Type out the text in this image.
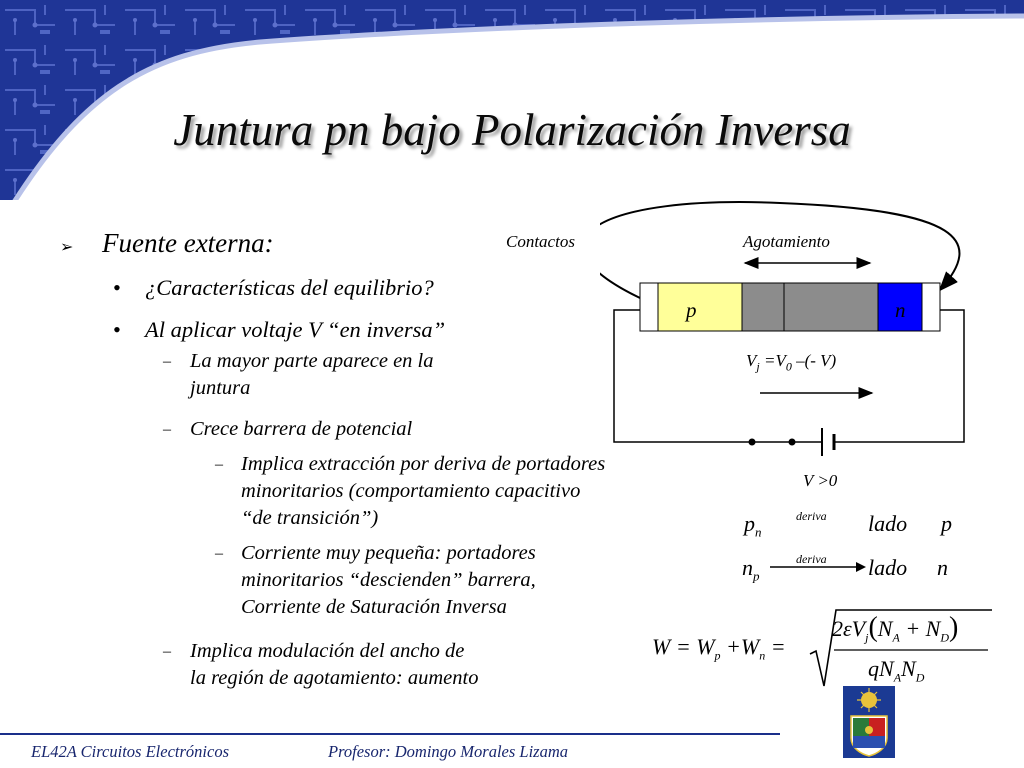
Juntura pn bajo Polarización Inversa
➢ Fuente externa:
• ¿Características del equilibrio?
• Al aplicar voltaje V “en inversa”
– La mayor parte aparece en la
juntura
– Crece barrera de potencial
– Implica extracción por deriva de portadores
minoritarios (comportamiento capacitivo
“de transición”)
– Corriente muy pequeña: portadores
minoritarios “descienden” barrera,
Corriente de Saturación Inversa
– Implica modulación del ancho de
la región de agotamiento: aumento
Contactos	Agotamiento
p	n
$V_j =V_0$ –(- V)
V >0
$p_n$
deriva lado p
$n_p$
deriva lado n
$W = W_p +W_n$ =
$2\varepsilon V_j(N_A + N_D)$
$qN_AN_D$
EL42A Circuitos Electrónicos	Profesor: Domingo Morales Lizama
